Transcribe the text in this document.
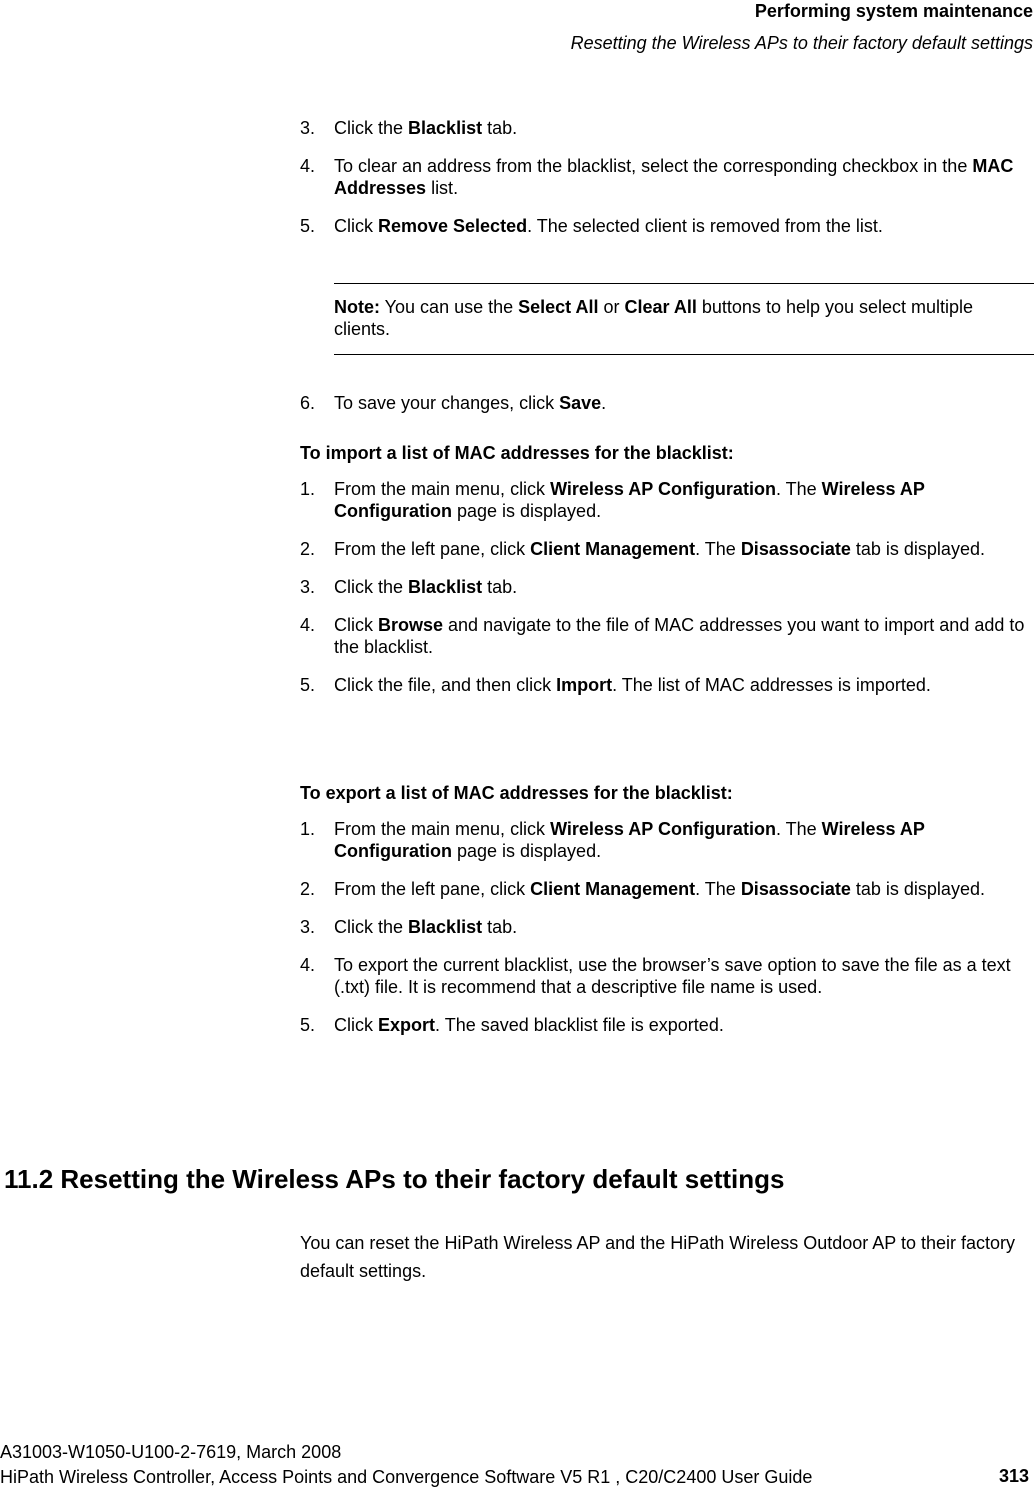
Performing system maintenance
Resetting the Wireless APs to their factory default settings
3. Click the Blacklist tab.
4. To clear an address from the blacklist, select the corresponding checkbox in the MAC Addresses list.
5. Click Remove Selected. The selected client is removed from the list.
Note: You can use the Select All or Clear All buttons to help you select multiple clients.
6. To save your changes, click Save.
To import a list of MAC addresses for the blacklist:
1. From the main menu, click Wireless AP Configuration. The Wireless AP Configuration page is displayed.
2. From the left pane, click Client Management. The Disassociate tab is displayed.
3. Click the Blacklist tab.
4. Click Browse and navigate to the file of MAC addresses you want to import and add to the blacklist.
5. Click the file, and then click Import. The list of MAC addresses is imported.
To export a list of MAC addresses for the blacklist:
1. From the main menu, click Wireless AP Configuration. The Wireless AP Configuration page is displayed.
2. From the left pane, click Client Management. The Disassociate tab is displayed.
3. Click the Blacklist tab.
4. To export the current blacklist, use the browser’s save option to save the file as a text (.txt) file. It is recommend that a descriptive file name is used.
5. Click Export. The saved blacklist file is exported.
11.2 Resetting the Wireless APs to their factory default settings
You can reset the HiPath Wireless AP and the HiPath Wireless Outdoor AP to their factory default settings.
A31003-W1050-U100-2-7619, March 2008
HiPath Wireless Controller, Access Points and Convergence Software V5 R1 , C20/C2400 User Guide	313
